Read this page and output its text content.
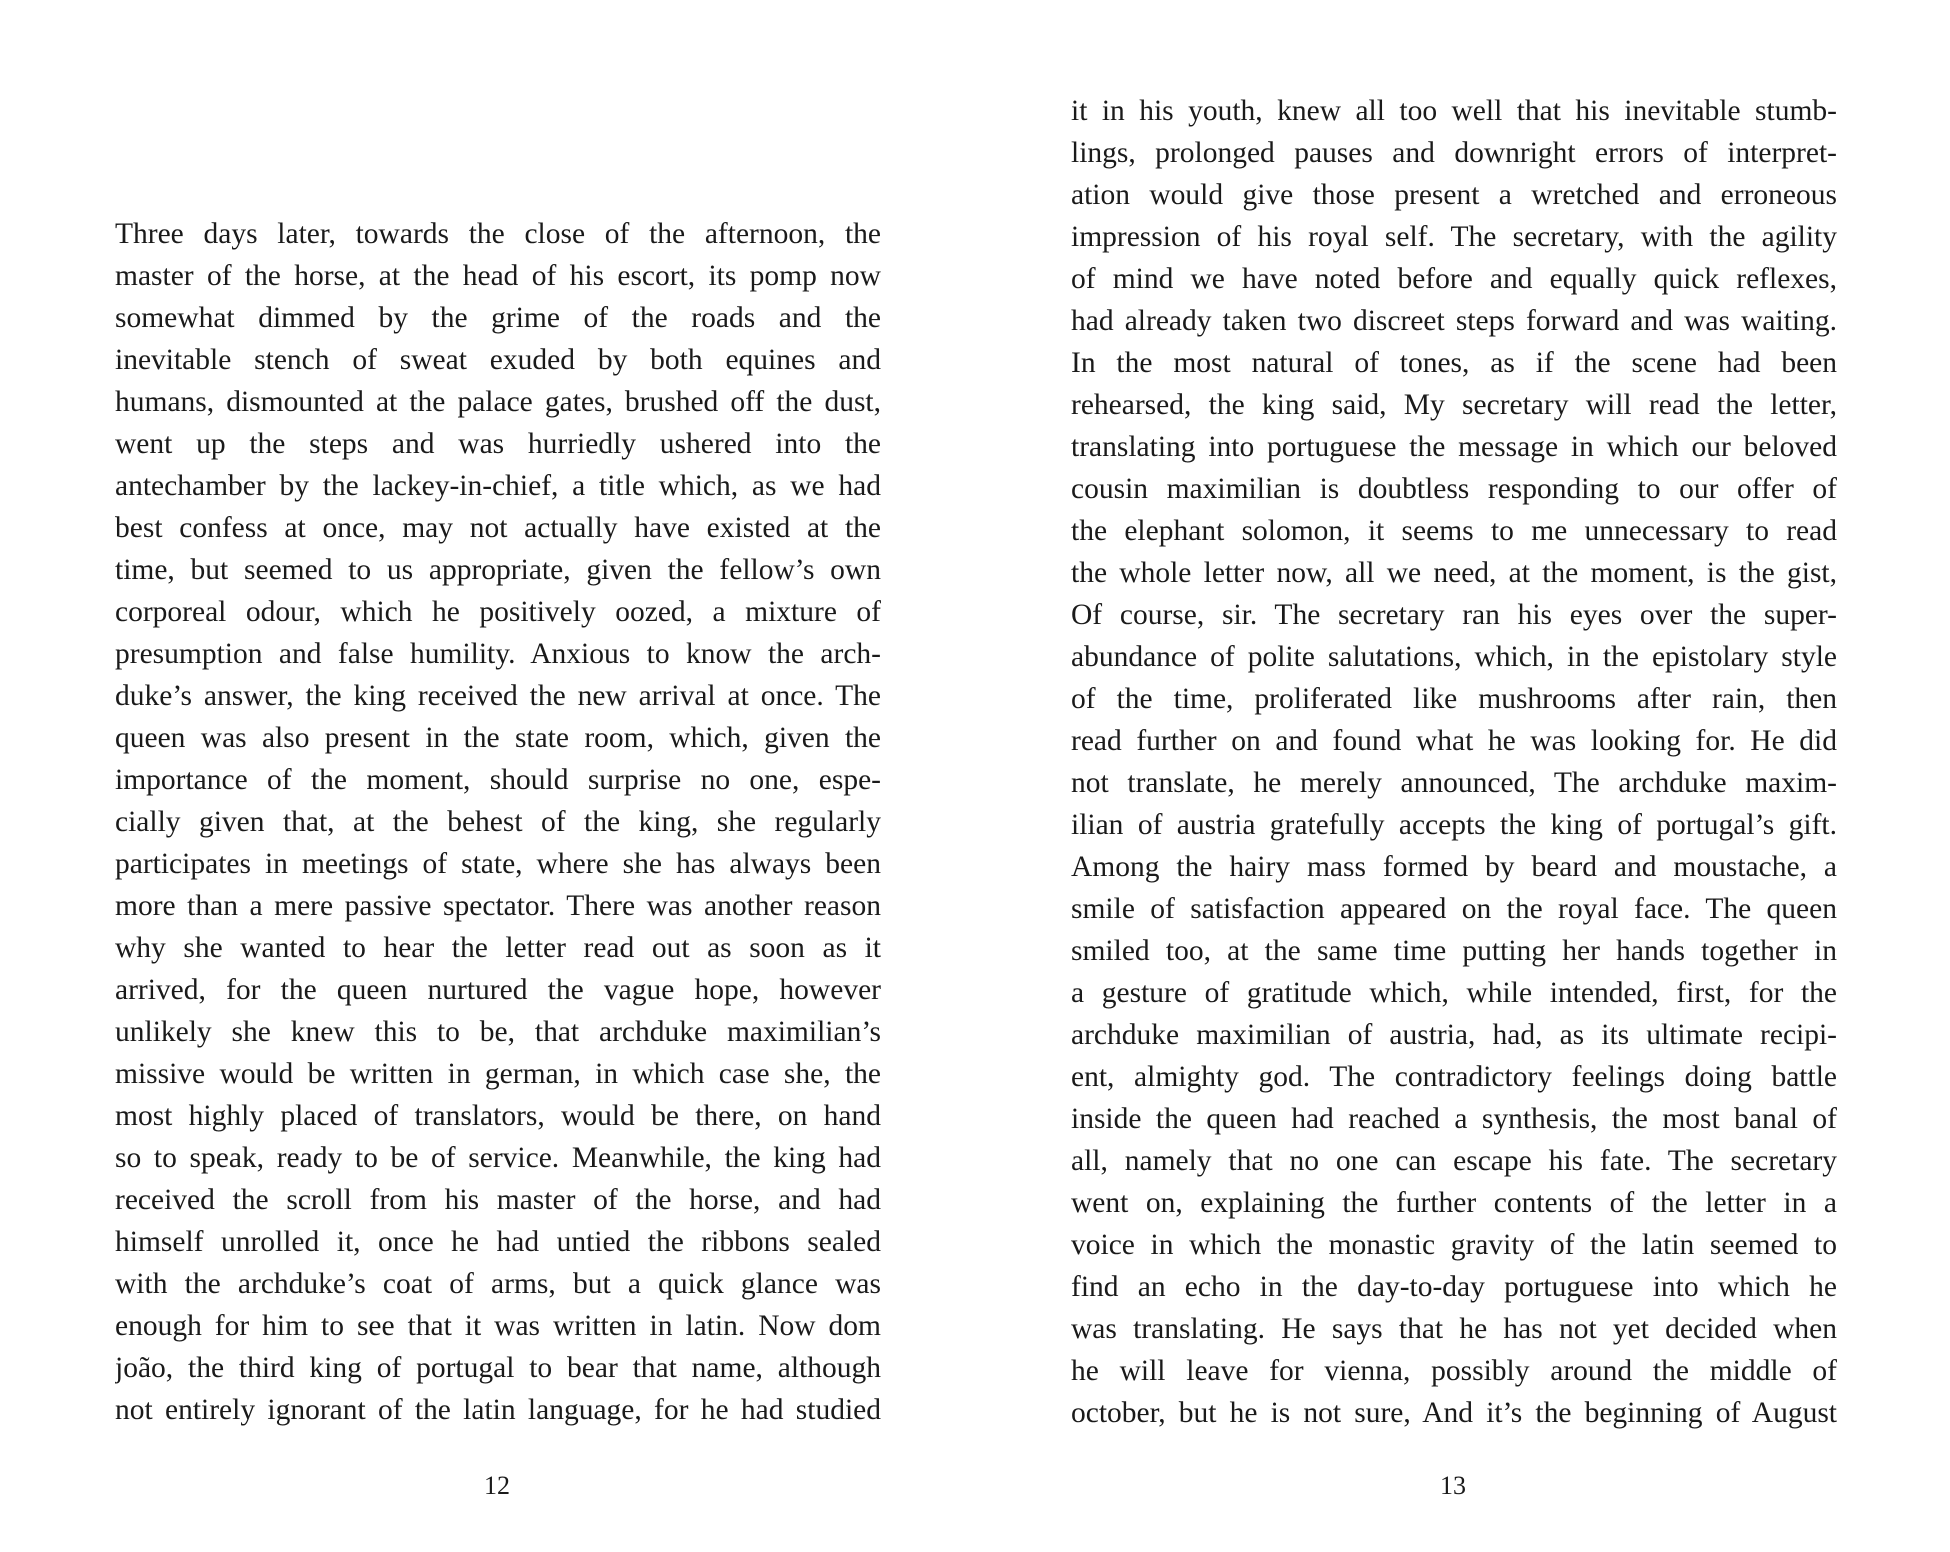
Three days later, towards the close of the afternoon, the
master of the horse, at the head of his escort, its pomp now
somewhat dimmed by the grime of the roads and the
inevitable stench of sweat exuded by both equines and
humans, dismounted at the palace gates, brushed off the dust,
went up the steps and was hurriedly ushered into the
antechamber by the lackey-in-chief, a title which, as we had
best confess at once, may not actually have existed at the
time, but seemed to us appropriate, given the fellow’s own
corporeal odour, which he positively oozed, a mixture of
presumption and false humility. Anxious to know the arch-
duke’s answer, the king received the new arrival at once. The
queen was also present in the state room, which, given the
importance of the moment, should surprise no one, espe-
cially given that, at the behest of the king, she regularly
participates in meetings of state, where she has always been
more than a mere passive spectator. There was another reason
why she wanted to hear the letter read out as soon as it
arrived, for the queen nurtured the vague hope, however
unlikely she knew this to be, that archduke maximilian’s
missive would be written in german, in which case she, the
most highly placed of translators, would be there, on hand
so to speak, ready to be of service. Meanwhile, the king had
received the scroll from his master of the horse, and had
himself unrolled it, once he had untied the ribbons sealed
with the archduke’s coat of arms, but a quick glance was
enough for him to see that it was written in latin. Now dom
joão, the third king of portugal to bear that name, although
not entirely ignorant of the latin language, for he had studied
12
it in his youth, knew all too well that his inevitable stumb-
lings, prolonged pauses and downright errors of interpret-
ation would give those present a wretched and erroneous
impression of his royal self. The secretary, with the agility
of mind we have noted before and equally quick reflexes,
had already taken two discreet steps forward and was waiting.
In the most natural of tones, as if the scene had been
rehearsed, the king said, My secretary will read the letter,
translating into portuguese the message in which our beloved
cousin maximilian is doubtless responding to our offer of
the elephant solomon, it seems to me unnecessary to read
the whole letter now, all we need, at the moment, is the gist,
Of course, sir. The secretary ran his eyes over the super-
abundance of polite salutations, which, in the epistolary style
of the time, proliferated like mushrooms after rain, then
read further on and found what he was looking for. He did
not translate, he merely announced, The archduke maxim-
ilian of austria gratefully accepts the king of portugal’s gift.
Among the hairy mass formed by beard and moustache, a
smile of satisfaction appeared on the royal face. The queen
smiled too, at the same time putting her hands together in
a gesture of gratitude which, while intended, first, for the
archduke maximilian of austria, had, as its ultimate recipi-
ent, almighty god. The contradictory feelings doing battle
inside the queen had reached a synthesis, the most banal of
all, namely that no one can escape his fate. The secretary
went on, explaining the further contents of the letter in a
voice in which the monastic gravity of the latin seemed to
find an echo in the day-to-day portuguese into which he
was translating. He says that he has not yet decided when
he will leave for vienna, possibly around the middle of
october, but he is not sure, And it’s the beginning of August
13
